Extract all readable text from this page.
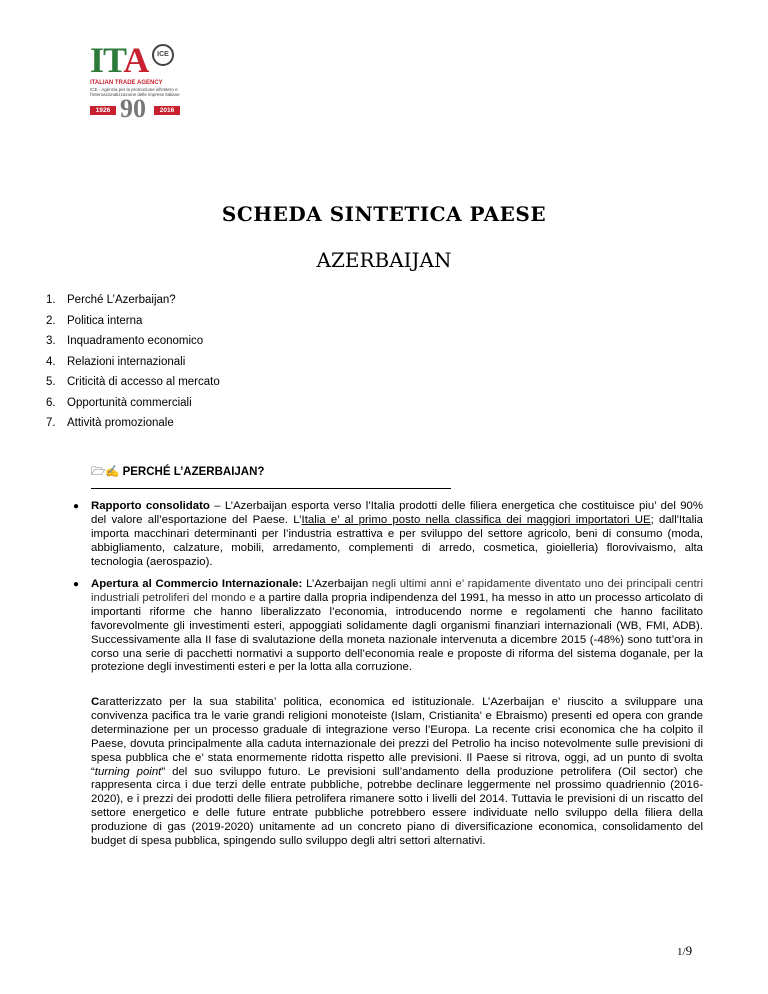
ITA	ICE
ITALIAN TRADE AGENCY
ICE - Agenzia per la promozione all'estero e l'internazionalizzazione delle imprese italiane
1926 90	2016
SCHEDA SINTETICA PAESE
AZERBAIJAN
1. Perché L’Azerbaijan?
2. Politica interna
3. Inquadramento economico
4. Relazioni internazionali
5. Criticità di accesso al mercato
6. Opportunità commerciali
7. Attività promozionale
🗁✍ PERCHÉ L’AZERBAIJAN?
● Rapporto consolidato – L’Azerbaijan esporta verso l’Italia prodotti delle filiera energetica che costituisce piu’ del 90% del valore all’esportazione del Paese. L’Italia e’ al primo posto nella classifica dei maggiori importatori UE; dall'Italia importa macchinari determinanti per l’industria estrattiva e per sviluppo del settore agricolo, beni di consumo (moda, abbigliamento, calzature, mobili, arredamento, complementi di arredo, cosmetica, gioielleria) florovivaismo, alta tecnologia (aerospazio).
● Apertura al Commercio Internazionale: L’Azerbaijan negli ultimi anni e’ rapidamente diventato uno dei principali centri industriali petroliferi del mondo e a partire dalla propria indipendenza del 1991, ha messo in atto un processo articolato di importanti riforme che hanno liberalizzato l’economia, introducendo norme e regolamenti che hanno facilitato favorevolmente gli investimenti esteri, appoggiati solidamente dagli organismi finanziari internazionali (WB, FMI, ADB). Successivamente alla II fase di svalutazione della moneta nazionale intervenuta a dicembre 2015 (-48%) sono tutt’ora in corso una serie di pacchetti normativi a supporto dell’economia reale e proposte di riforma del sistema doganale, per la protezione degli investimenti esteri e per la lotta alla corruzione.
Caratterizzato per la sua stabilita’ politica, economica ed istituzionale. L’Azerbaijan e’ riuscito a sviluppare una convivenza pacifica tra le varie grandi religioni monoteiste (Islam, Cristianita’ e Ebraismo) presenti ed opera con grande determinazione per un processo graduale di integrazione verso l’Europa. La recente crisi economica che ha colpito il Paese, dovuta principalmente alla caduta internazionale dei prezzi del Petrolio ha inciso notevolmente sulle previsioni di spesa pubblica che e’ stata enormemente ridotta rispetto alle previsioni. Il Paese si ritrova, oggi, ad un punto di svolta “turning point” del suo sviluppo futuro. Le previsioni sull’andamento della produzione petrolifera (Oil sector) che rappresenta circa i due terzi delle entrate pubbliche, potrebbe declinare leggermente nel prossimo quadriennio (2016-2020), e i prezzi dei prodotti delle filiera petrolifera rimanere sotto i livelli del 2014. Tuttavia le previsioni di un riscatto del settore energetico e delle future entrate pubbliche potrebbero essere individuate nello sviluppo della filiera della produzione di gas (2019-2020) unitamente ad un concreto piano di diversificazione economica, consolidamento del budget di spesa pubblica, spingendo sullo sviluppo degli altri settori alternativi.
1/9
